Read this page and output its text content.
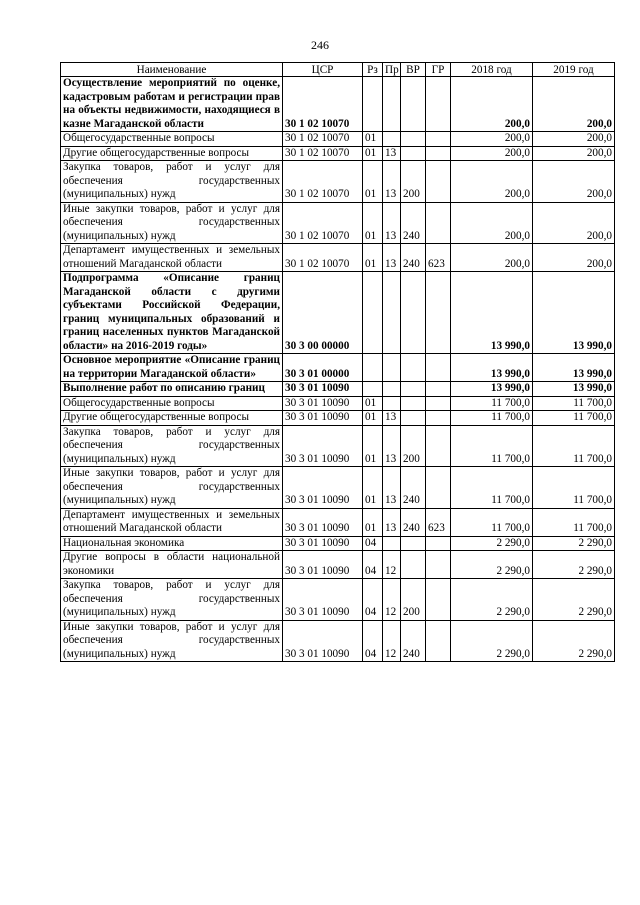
246
Наименование	ЦСР	Рз	Пр	ВР	ГР	2018 год	2019 год
Осуществление мероприятий по оценке, кадастровым работам и регистрации прав на объекты недвижимости, находящиеся в казне Магаданской области	30 1 02 10070					200,0	200,0
Общегосударственные вопросы	30 1 02 10070	01				200,0	200,0
Другие общегосударственные вопросы	30 1 02 10070	01	13			200,0	200,0
Закупка товаров, работ и услуг для обеспечения государственных (муниципальных) нужд	30 1 02 10070	01	13	200		200,0	200,0
Иные закупки товаров, работ и услуг для обеспечения государственных (муниципальных) нужд	30 1 02 10070	01	13	240		200,0	200,0
Департамент имущественных и земельных отношений Магаданской области	30 1 02 10070	01	13	240	623	200,0	200,0
Подпрограмма «Описание границ Магаданской области с другими субъектами Российской Федерации, границ муниципальных образований и границ населенных пунктов Магаданской области» на 2016-2019 годы»	30 3 00 00000					13 990,0	13 990,0
Основное мероприятие «Описание границ на территории Магаданской области»	30 3 01 00000					13 990,0	13 990,0
Выполнение работ по описанию границ	30 3 01 10090					13 990,0	13 990,0
Общегосударственные вопросы	30 3 01 10090	01				11 700,0	11 700,0
Другие общегосударственные вопросы	30 3 01 10090	01	13			11 700,0	11 700,0
Закупка товаров, работ и услуг для обеспечения государственных (муниципальных) нужд	30 3 01 10090	01	13	200		11 700,0	11 700,0
Иные закупки товаров, работ и услуг для обеспечения государственных (муниципальных) нужд	30 3 01 10090	01	13	240		11 700,0	11 700,0
Департамент имущественных и земельных отношений Магаданской области	30 3 01 10090	01	13	240	623	11 700,0	11 700,0
Национальная экономика	30 3 01 10090	04				2 290,0	2 290,0
Другие вопросы в области национальной экономики	30 3 01 10090	04	12			2 290,0	2 290,0
Закупка товаров, работ и услуг для обеспечения государственных (муниципальных) нужд	30 3 01 10090	04	12	200		2 290,0	2 290,0
Иные закупки товаров, работ и услуг для обеспечения государственных (муниципальных) нужд	30 3 01 10090	04	12	240		2 290,0	2 290,0
